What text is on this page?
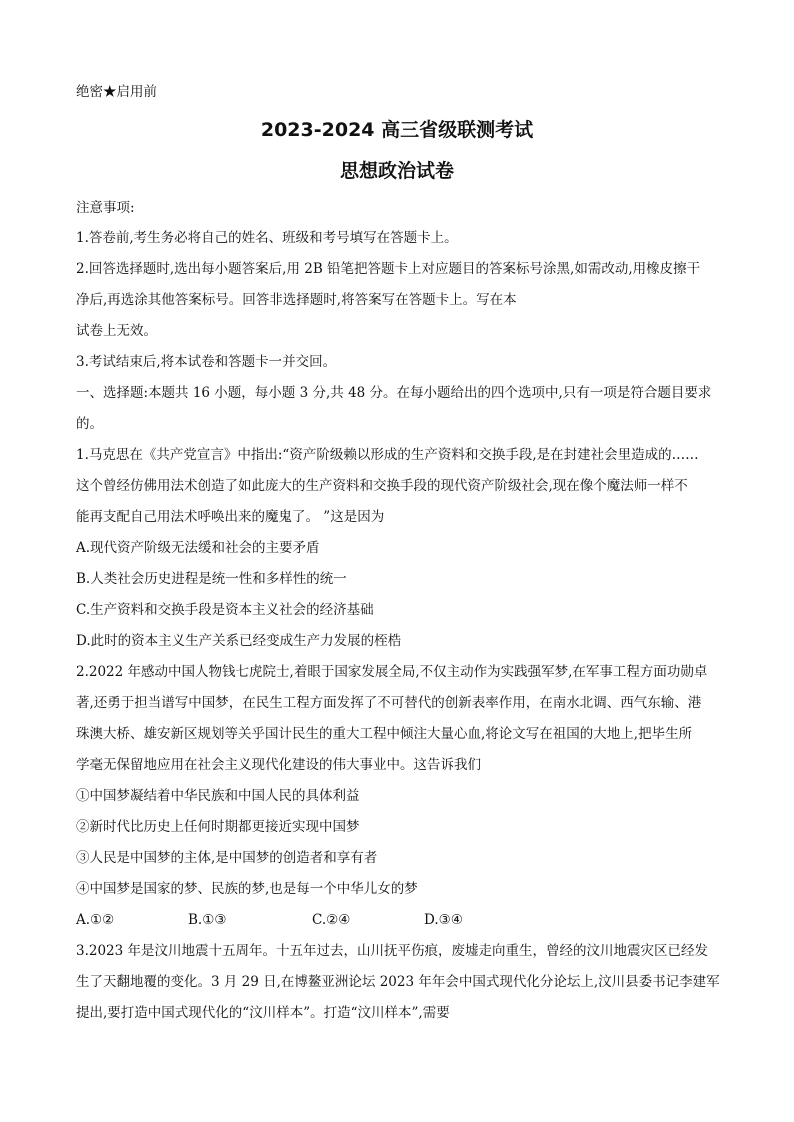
绝密★启用前
2023-2024 高三省级联测考试
思想政治试卷
注意事项:
1.答卷前,考生务必将自己的姓名、班级和考号填写在答题卡上。
2.回答选择题时,选出每小题答案后,用 2B 铅笔把答题卡上对应题目的答案标号涂黑,如需改动,用橡皮擦干
净后,再选涂其他答案标号。回答非选择题时,将答案写在答题卡上。写在本
试卷上无效。
3.考试结束后,将本试卷和答题卡一并交回。
一、选择题:本题共 16 小题，每小题 3 分,共 48 分。在每小题给出的四个选项中,只有一项是符合题目要求
的。
1.马克思在《共产党宣言》中指出:“资产阶级赖以形成的生产资料和交换手段,是在封建社会里造成的……
这个曾经仿佛用法术创造了如此庞大的生产资料和交换手段的现代资产阶级社会,现在像个魔法师一样不
能再支配自己用法术呼唤出来的魔鬼了。 ”这是因为
A.现代资产阶级无法缓和社会的主要矛盾
B.人类社会历史进程是统一性和多样性的统一
C.生产资料和交换手段是资本主义社会的经济基础
D.此时的资本主义生产关系已经变成生产力发展的桎梏
2.2022 年感动中国人物钱七虎院士,着眼于国家发展全局,不仅主动作为实践强军梦,在军事工程方面功勋卓
著,还勇于担当谱写中国梦，在民生工程方面发挥了不可替代的创新表率作用，在南水北调、西气东输、港
珠澳大桥、雄安新区规划等关乎国计民生的重大工程中倾注大量心血,将论文写在祖国的大地上,把毕生所
学毫无保留地应用在社会主义现代化建设的伟大事业中。这告诉我们
①中国梦凝结着中华民族和中国人民的具体利益
②新时代比历史上任何时期都更接近实现中国梦
③人民是中国梦的主体,是中国梦的创造者和享有者
④中国梦是国家的梦、民族的梦,也是每一个中华儿女的梦
A.①②	B.①③	C.②④	D.③④
3.2023 年是汶川地震十五周年。十五年过去，山川抚平伤痕，废墟走向重生，曾经的汶川地震灾区已经发
生了天翻地覆的变化。3 月 29 日,在博鳌亚洲论坛 2023 年年会中国式现代化分论坛上,汶川县委书记李建军
提出,要打造中国式现代化的“汶川样本”。打造“汶川样本”,需要
